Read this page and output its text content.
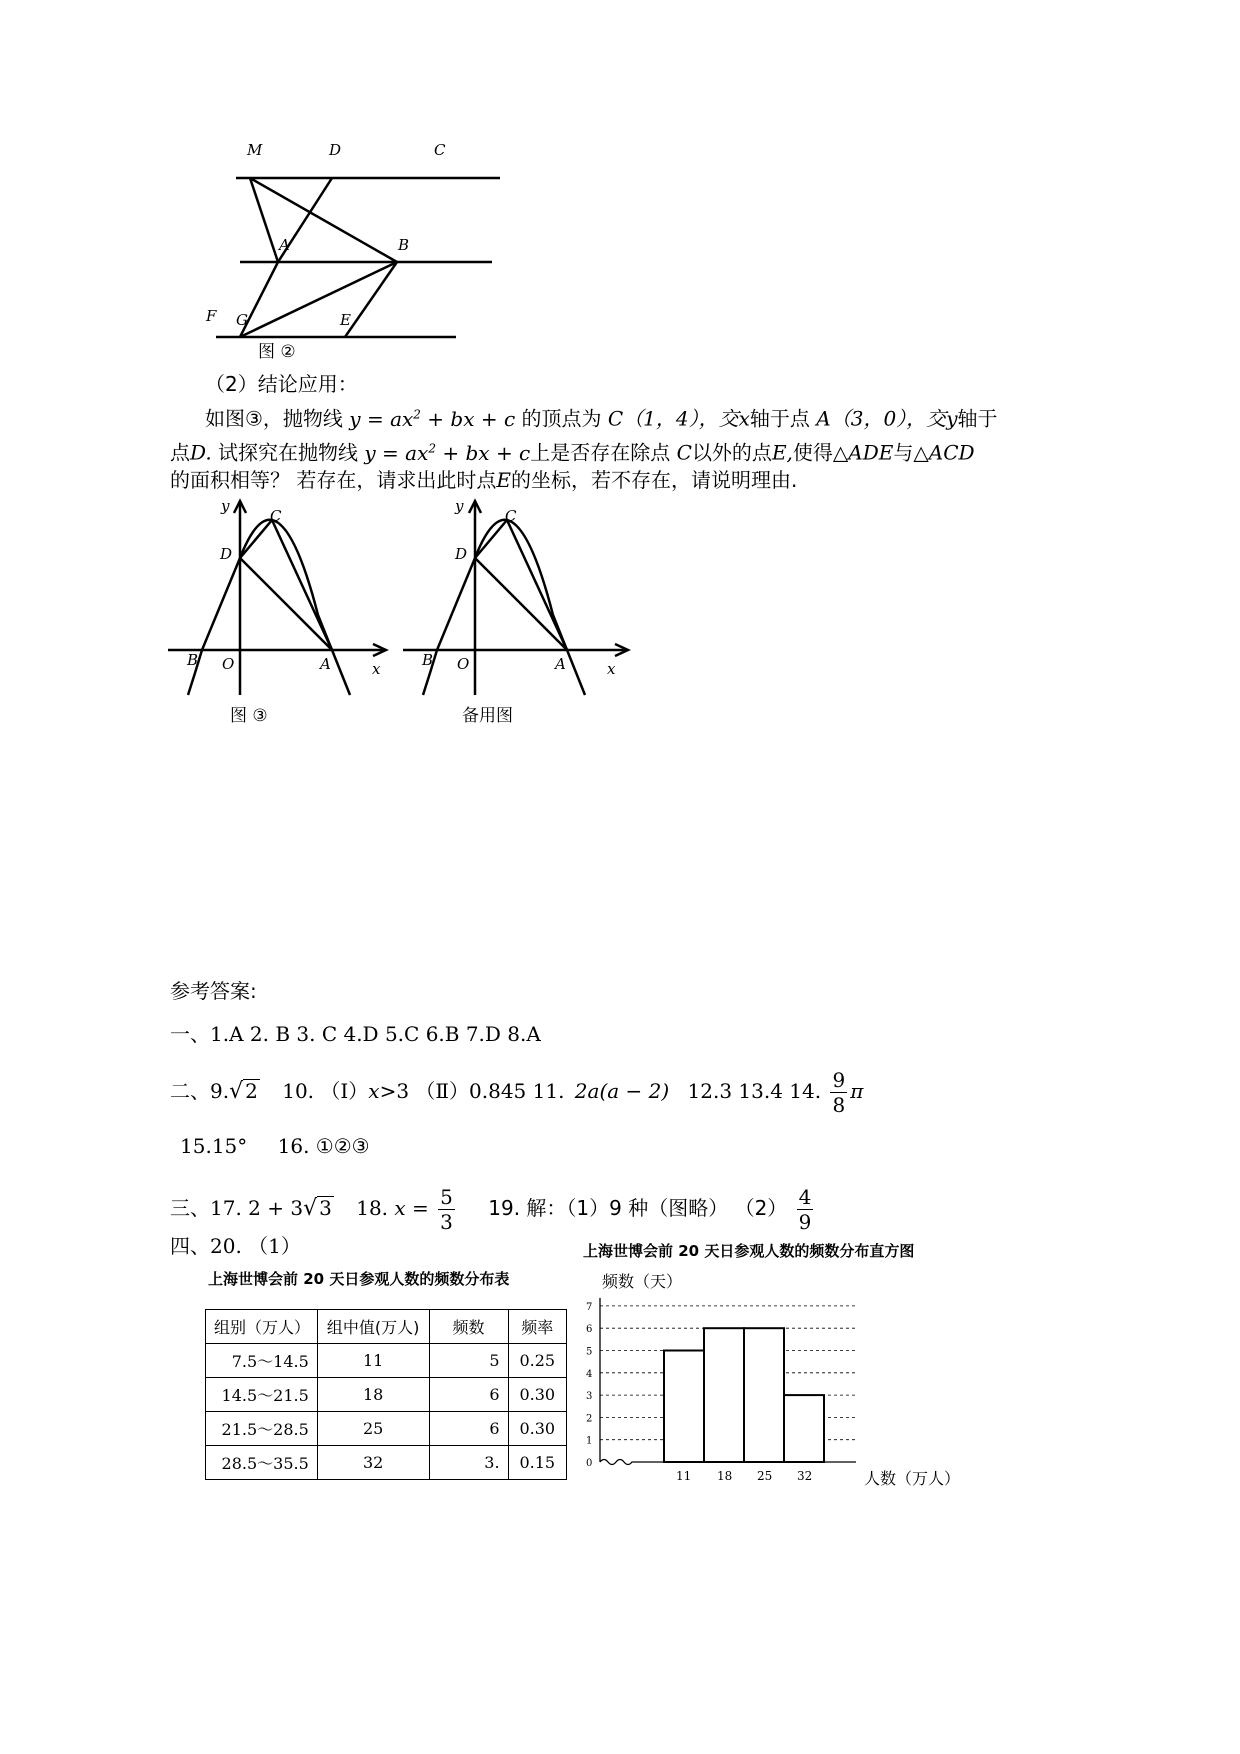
M	D	C
A	B
F G	E
图 ②
（2）结论应用：
如图③，抛物线 $y = ax^2$ + bx + c 的顶点为 C（1，4），交x轴于点 A（3，0），交y轴于
点D. 试探究在抛物线 $y = ax^2$ + bx + c上是否存在除点 C以外的点E,使得△ADE与△ACD
的面积相等？ 若存在，请求出此时点E的坐标，若不存在，请说明理由.
y
C
D
B O	A	x
图 ③
y
C
D
B O	A	x
备用图
参考答案:
一、1.A 2. B 3. C 4.D 5.C 6.B 7.D 8.A
二、9.√ 2 10. （Ⅰ）x>3 （Ⅱ）0.845 11. 2a(a − 2) 12.3 13.4 14. $\frac{9}{8}$ π
15.15° 16. ①②③
三、17. 2 + 3√ 3 18. $x = \frac{5}{3} 19$. 解：（1）9 种（图略） $(2) \frac{4}{9}$
四、20. （1）
上海世博会前 20 天日参观人数的频数分布表
组别（万人）	组中值(万人)	频数	频率
7.5～14.5	11	5	0.25
14.5～21.5	18	6	0.30
21.5～28.5	25	6	0.30
28.5～35.5	32	3.	0.15
上海世博会前 20 天日参观人数的频数分布直方图
频数（天）
人数（万人）
0
1
2
3
4
5
6
7
11 18 25 32
